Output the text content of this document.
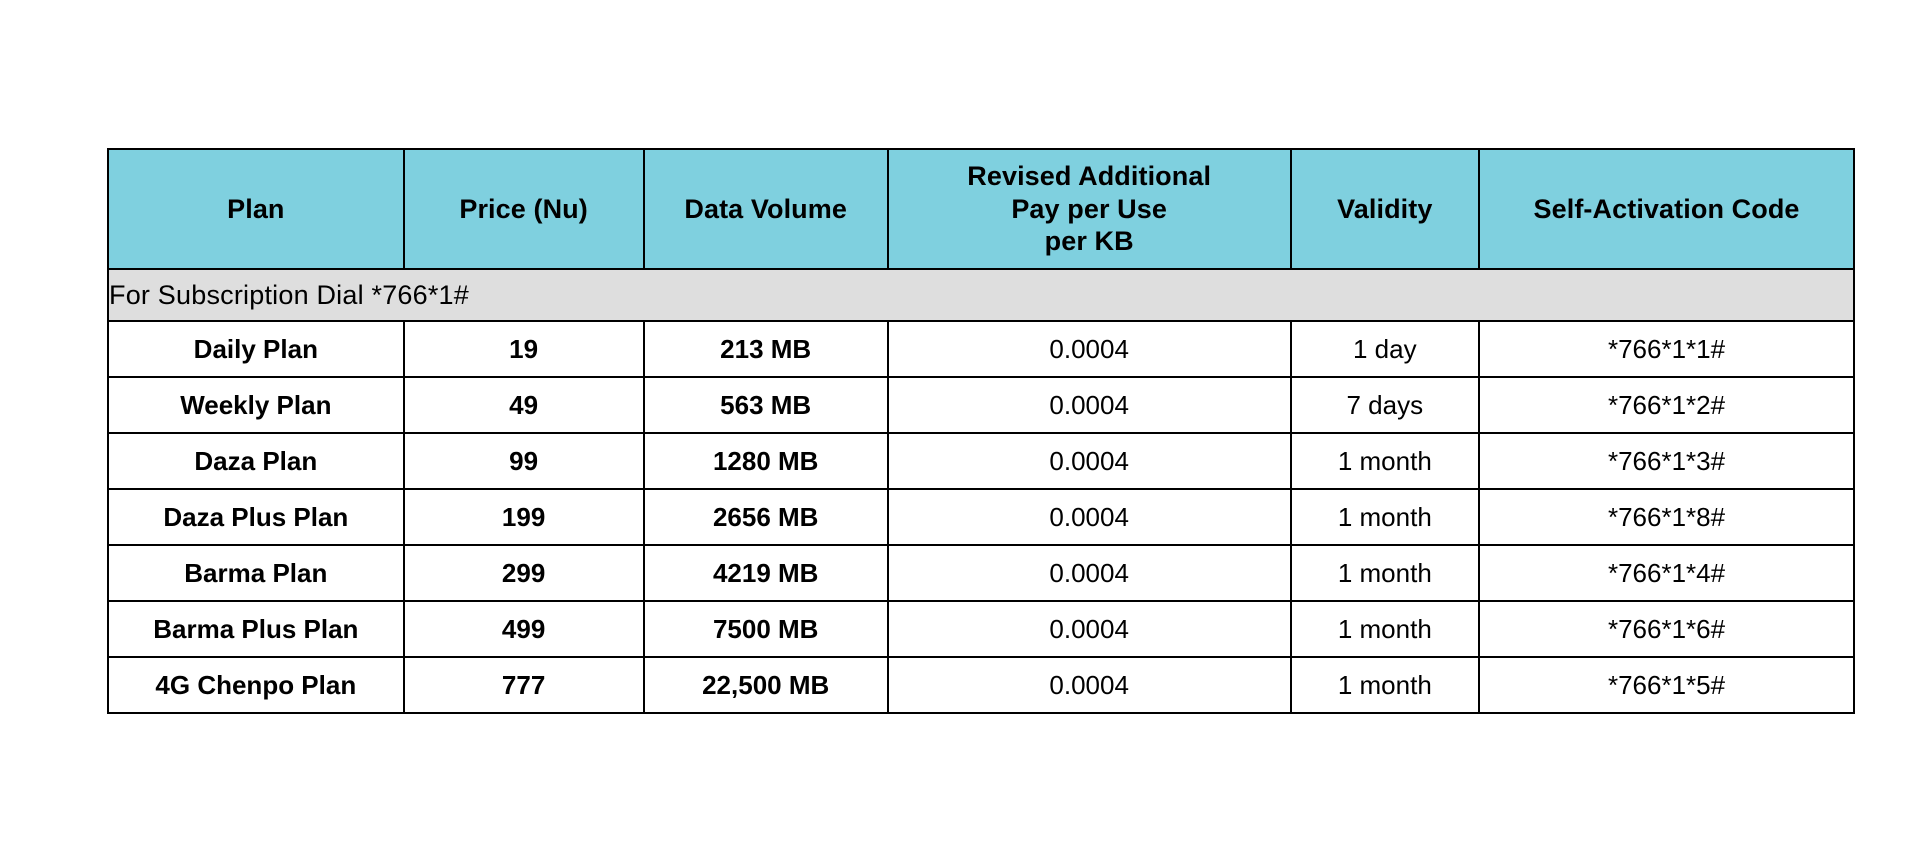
Plan	Price (Nu)	Data Volume	Revised Additional
Pay per Use
per KB	Validity	Self-Activation Code
For Subscription Dial *766*1#					
Daily Plan	19	213 MB	0.0004	1 day	*766*1*1#
Weekly Plan	49	563 MB	0.0004	7 days	*766*1*2#
Daza Plan	99	1280 MB	0.0004	1 month	*766*1*3#
Daza Plus Plan	199	2656 MB	0.0004	1 month	*766*1*8#
Barma Plan	299	4219 MB	0.0004	1 month	*766*1*4#
Barma Plus Plan	499	7500 MB	0.0004	1 month	*766*1*6#
4G Chenpo Plan	777	22,500 MB	0.0004	1 month	*766*1*5#
